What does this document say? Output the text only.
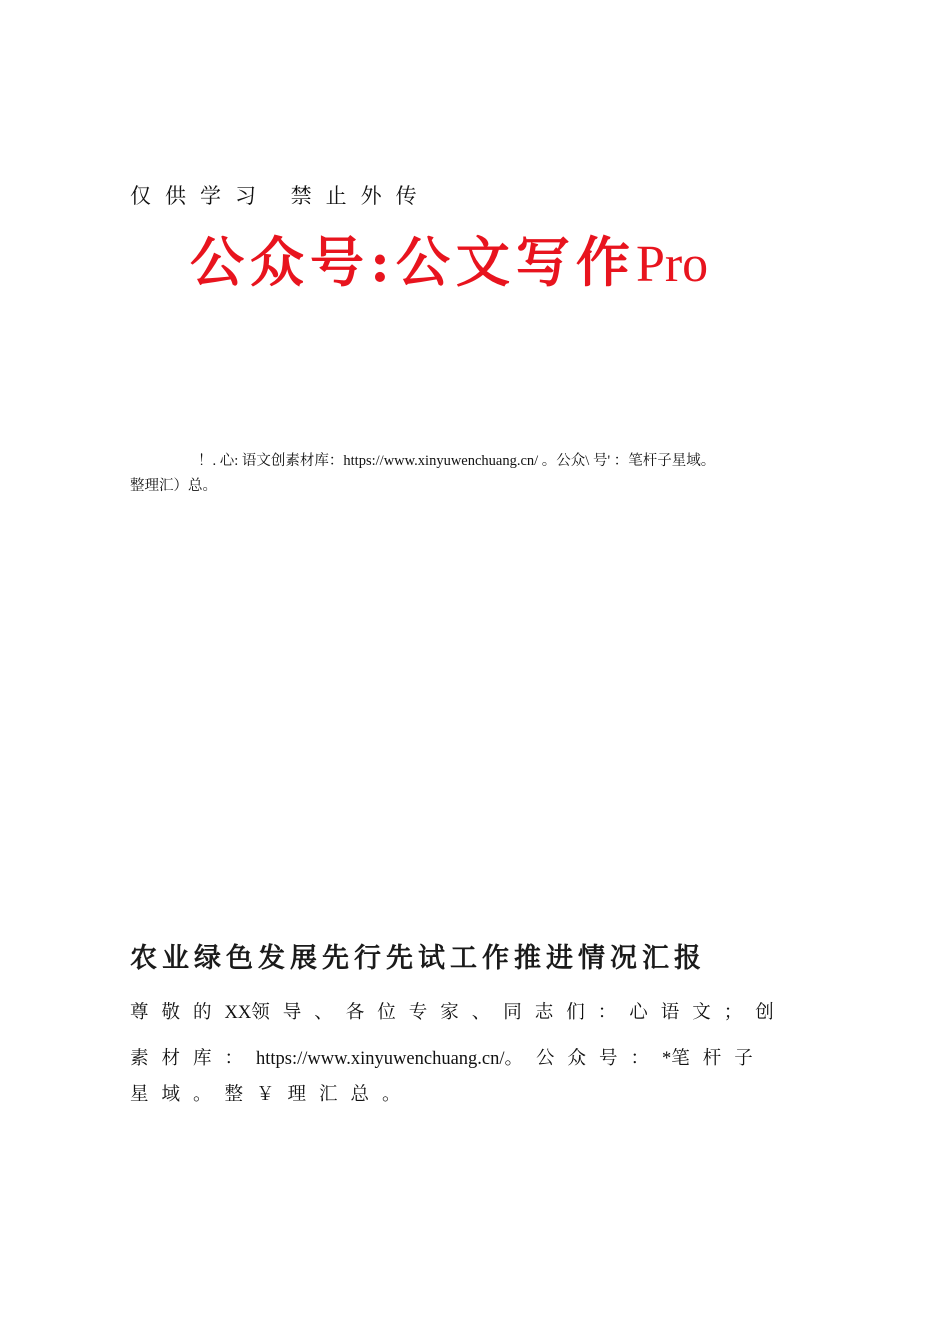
仅供学习 禁止外传
公众号:公文写作Pro
！. 心: 语文创素材库：https://www.xinyuwenchuang.cn/ 。公众\ 号' ：笔杆子星域。
整理汇）总。
农业绿色发展先行先试工作推进情况汇报
尊敬的XX领导、各位专家、同志们：心语文；创
素材库：https://www.xinyuwenchuang.cn/。公众号：*笔杆子
星域。整￥理汇总。
